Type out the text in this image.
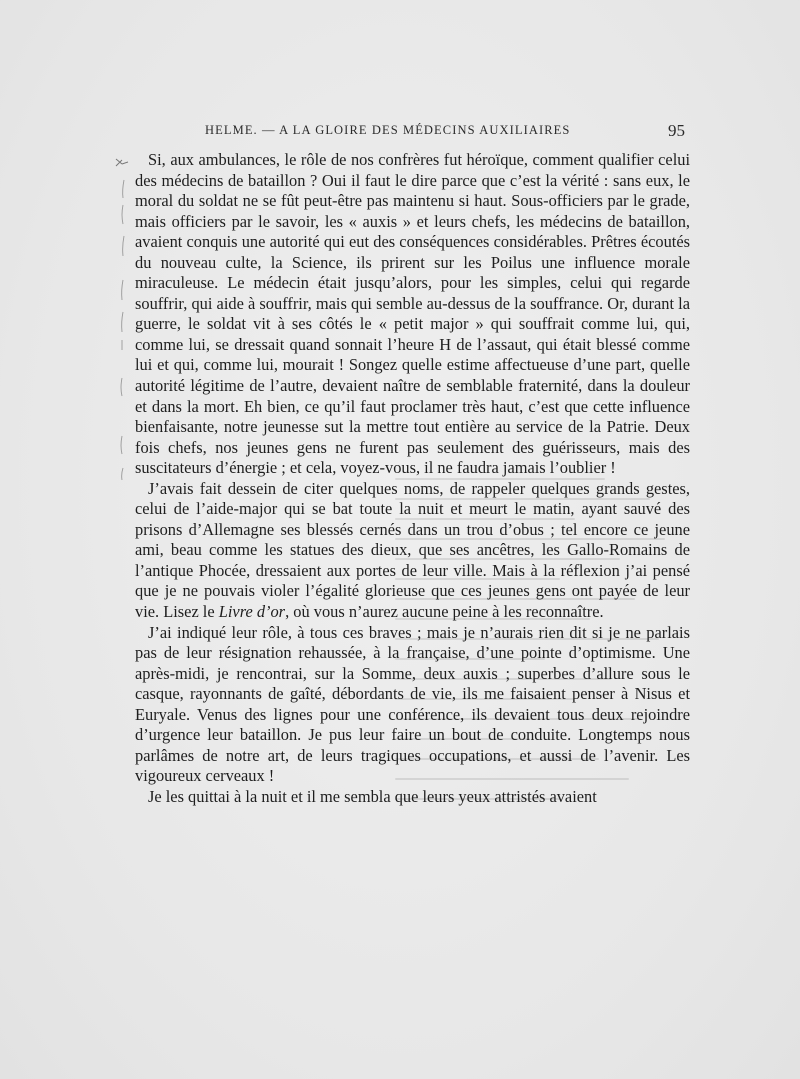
HELME. — A LA GLOIRE DES MÉDECINS AUXILIAIRES	95

Si, aux ambulances, le rôle de nos confrères fut héroïque, comment qualifier celui des médecins de bataillon ? Oui il faut le dire parce que c’est la vérité : sans eux, le moral du soldat ne se fût peut-être pas maintenu si haut. Sous-officiers par le grade, mais officiers par le savoir, les « auxis » et leurs chefs, les médecins de bataillon, avaient conquis une autorité qui eut des conséquences considérables. Prêtres écoutés du nouveau culte, la Science, ils prirent sur les Poilus une influence morale miraculeuse. Le médecin était jusqu’alors, pour les simples, celui qui regarde souffrir, qui aide à souffrir, mais qui semble au-dessus de la souffrance. Or, durant la guerre, le soldat vit à ses côtés le « petit major » qui souffrait comme lui, qui, comme lui, se dressait quand sonnait l’heure H de l’assaut, qui était blessé comme lui et qui, comme lui, mourait ! Songez quelle estime affectueuse d’une part, quelle autorité légitime de l’autre, devaient naître de semblable fraternité, dans la douleur et dans la mort. Eh bien, ce qu’il faut proclamer très haut, c’est que cette influence bienfaisante, notre jeunesse sut la mettre tout entière au service de la Patrie. Deux fois chefs, nos jeunes gens ne furent pas seulement des guérisseurs, mais des suscitateurs d’énergie ; et cela, voyez-vous, il ne faudra jamais l’oublier !

J’avais fait dessein de citer quelques noms, de rappeler quelques grands gestes, celui de l’aide-major qui se bat toute la nuit et meurt le matin, ayant sauvé des prisons d’Allemagne ses blessés cernés dans un trou d’obus ; tel encore ce jeune ami, beau comme les statues des dieux, que ses ancêtres, les Gallo-Romains de l’antique Phocée, dressaient aux portes de leur ville. Mais à la réflexion j’ai pensé que je ne pouvais violer l’égalité glorieuse que ces jeunes gens ont payée de leur vie. Lisez le Livre d’or, où vous n’aurez aucune peine à les reconnaître.

J’ai indiqué leur rôle, à tous ces braves ; mais je n’aurais rien dit si je ne parlais pas de leur résignation rehaussée, à la française, d’une pointe d’optimisme. Une après-midi, je rencontrai, sur la Somme, deux auxis ; superbes d’allure sous le casque, rayonnants de gaîté, débordants de vie, ils me faisaient penser à Nisus et Euryale. Venus des lignes pour une conférence, ils devaient tous deux rejoindre d’urgence leur bataillon. Je pus leur faire un bout de conduite. Longtemps nous parlâmes de notre art, de leurs tragiques occupations, et aussi de l’avenir. Les vigoureux cerveaux !

Je les quittai à la nuit et il me sembla que leurs yeux attristés avaient
